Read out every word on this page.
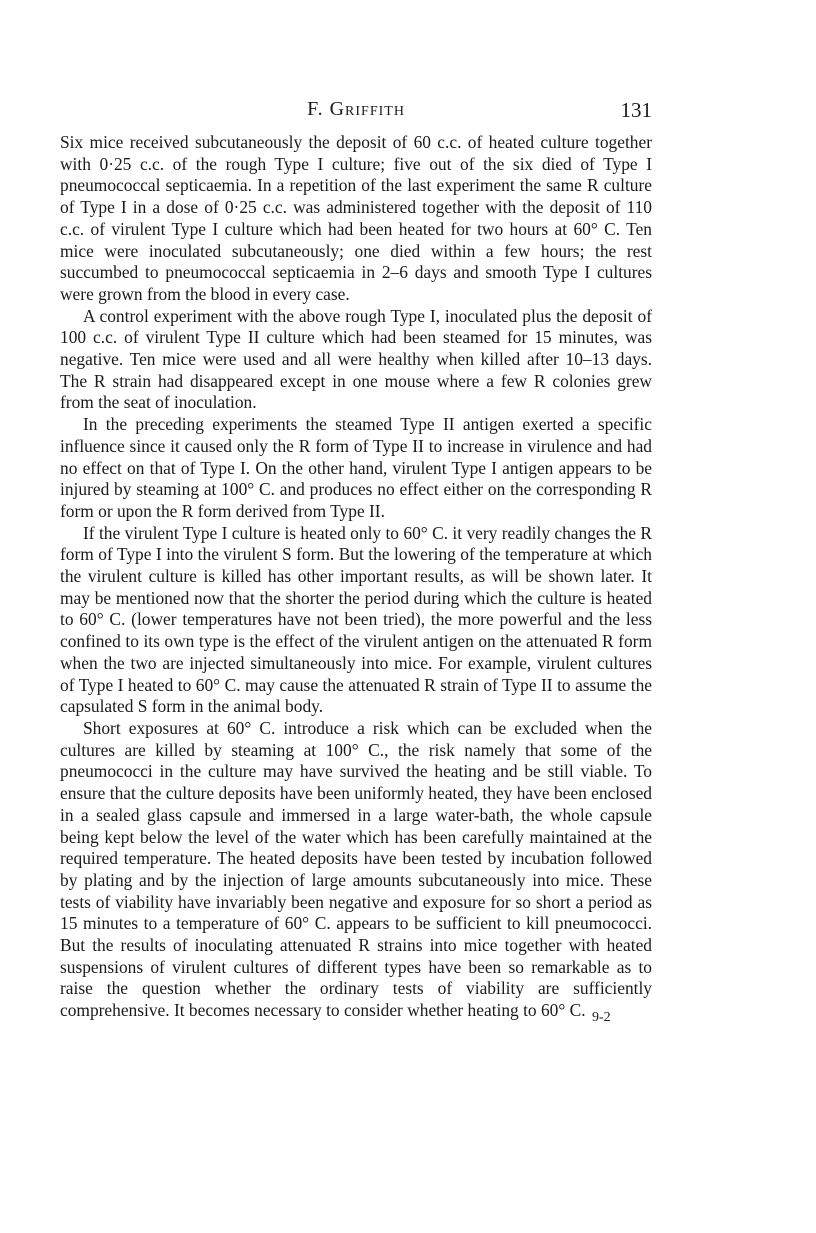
F. Griffith	131

Six mice received subcutaneously the deposit of 60 c.c. of heated culture together with 0·25 c.c. of the rough Type I culture; five out of the six died of Type I pneumococcal septicaemia. In a repetition of the last experiment the same R culture of Type I in a dose of 0·25 c.c. was administered together with the deposit of 110 c.c. of virulent Type I culture which had been heated for two hours at 60° C. Ten mice were inoculated subcutaneously; one died within a few hours; the rest succumbed to pneumococcal septicaemia in 2–6 days and smooth Type I cultures were grown from the blood in every case.

A control experiment with the above rough Type I, inoculated plus the deposit of 100 c.c. of virulent Type II culture which had been steamed for 15 minutes, was negative. Ten mice were used and all were healthy when killed after 10–13 days. The R strain had disappeared except in one mouse where a few R colonies grew from the seat of inoculation.

In the preceding experiments the steamed Type II antigen exerted a specific influence since it caused only the R form of Type II to increase in virulence and had no effect on that of Type I. On the other hand, virulent Type I antigen appears to be injured by steaming at 100° C. and produces no effect either on the corresponding R form or upon the R form derived from Type II.

If the virulent Type I culture is heated only to 60° C. it very readily changes the R form of Type I into the virulent S form. But the lowering of the temperature at which the virulent culture is killed has other important results, as will be shown later. It may be mentioned now that the shorter the period during which the culture is heated to 60° C. (lower temperatures have not been tried), the more powerful and the less confined to its own type is the effect of the virulent antigen on the attenuated R form when the two are injected simultaneously into mice. For example, virulent cultures of Type I heated to 60° C. may cause the attenuated R strain of Type II to assume the capsulated S form in the animal body.

Short exposures at 60° C. introduce a risk which can be excluded when the cultures are killed by steaming at 100° C., the risk namely that some of the pneumococci in the culture may have survived the heating and be still viable. To ensure that the culture deposits have been uniformly heated, they have been enclosed in a sealed glass capsule and immersed in a large water-bath, the whole capsule being kept below the level of the water which has been carefully maintained at the required temperature. The heated deposits have been tested by incubation followed by plating and by the injection of large amounts subcutaneously into mice. These tests of viability have invariably been negative and exposure for so short a period as 15 minutes to a temperature of 60° C. appears to be sufficient to kill pneumococci. But the results of inoculating attenuated R strains into mice together with heated suspensions of virulent cultures of different types have been so remarkable as to raise the question whether the ordinary tests of viability are sufficiently comprehensive. It becomes necessary to consider whether heating to 60° C. 9-2
